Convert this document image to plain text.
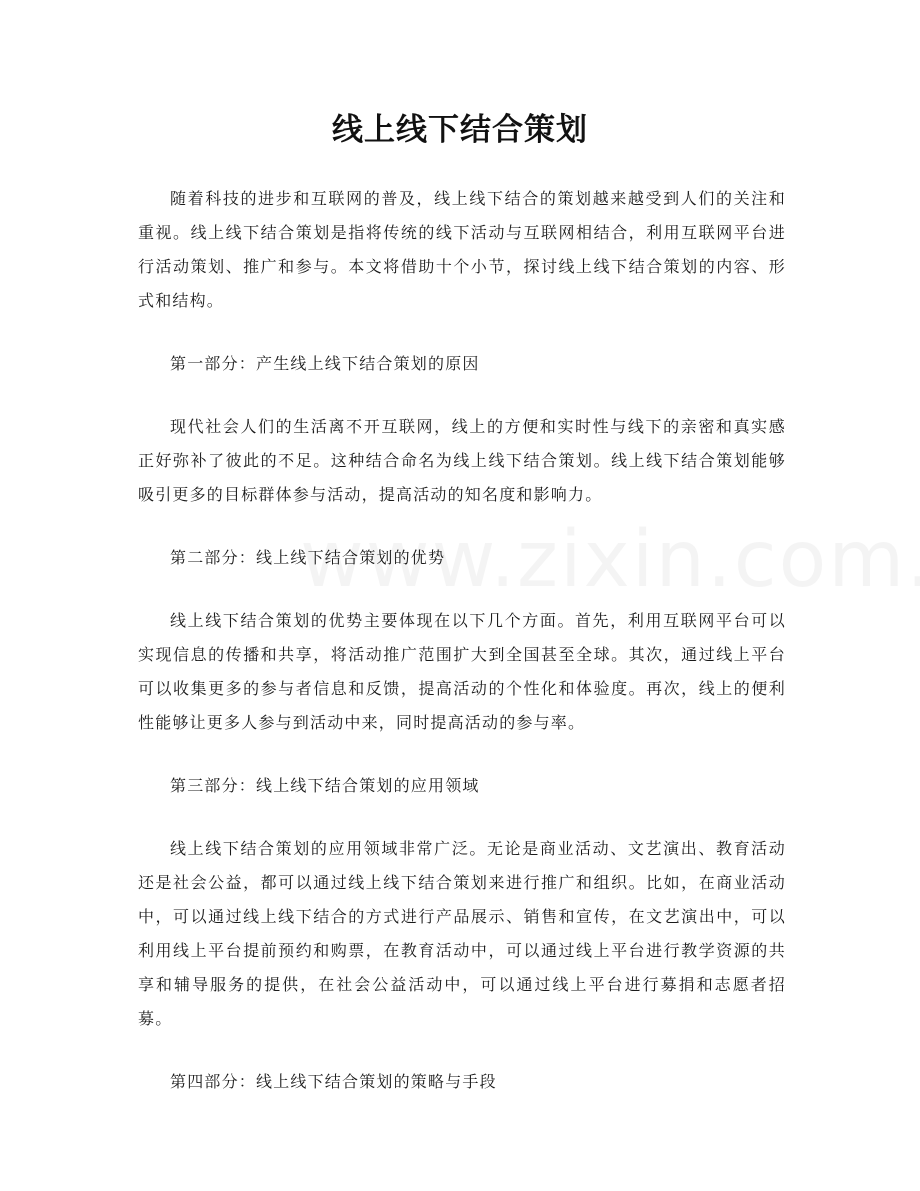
线上线下结合策划

随着科技的进步和互联网的普及，线上线下结合的策划越来越受到人们的关注和重视。线上线下结合策划是指将传统的线下活动与互联网相结合，利用互联网平台进行活动策划、推广和参与。本文将借助十个小节，探讨线上线下结合策划的内容、形式和结构。

第一部分：产生线上线下结合策划的原因

现代社会人们的生活离不开互联网，线上的方便和实时性与线下的亲密和真实感正好弥补了彼此的不足。这种结合命名为线上线下结合策划。线上线下结合策划能够吸引更多的目标群体参与活动，提高活动的知名度和影响力。

第二部分：线上线下结合策划的优势

线上线下结合策划的优势主要体现在以下几个方面。首先，利用互联网平台可以实现信息的传播和共享，将活动推广范围扩大到全国甚至全球。其次，通过线上平台可以收集更多的参与者信息和反馈，提高活动的个性化和体验度。再次，线上的便利性能够让更多人参与到活动中来，同时提高活动的参与率。

第三部分：线上线下结合策划的应用领域

线上线下结合策划的应用领域非常广泛。无论是商业活动、文艺演出、教育活动还是社会公益，都可以通过线上线下结合策划来进行推广和组织。比如，在商业活动中，可以通过线上线下结合的方式进行产品展示、销售和宣传，在文艺演出中，可以利用线上平台提前预约和购票，在教育活动中，可以通过线上平台进行教学资源的共享和辅导服务的提供，在社会公益活动中，可以通过线上平台进行募捐和志愿者招募。

第四部分：线上线下结合策划的策略与手段
